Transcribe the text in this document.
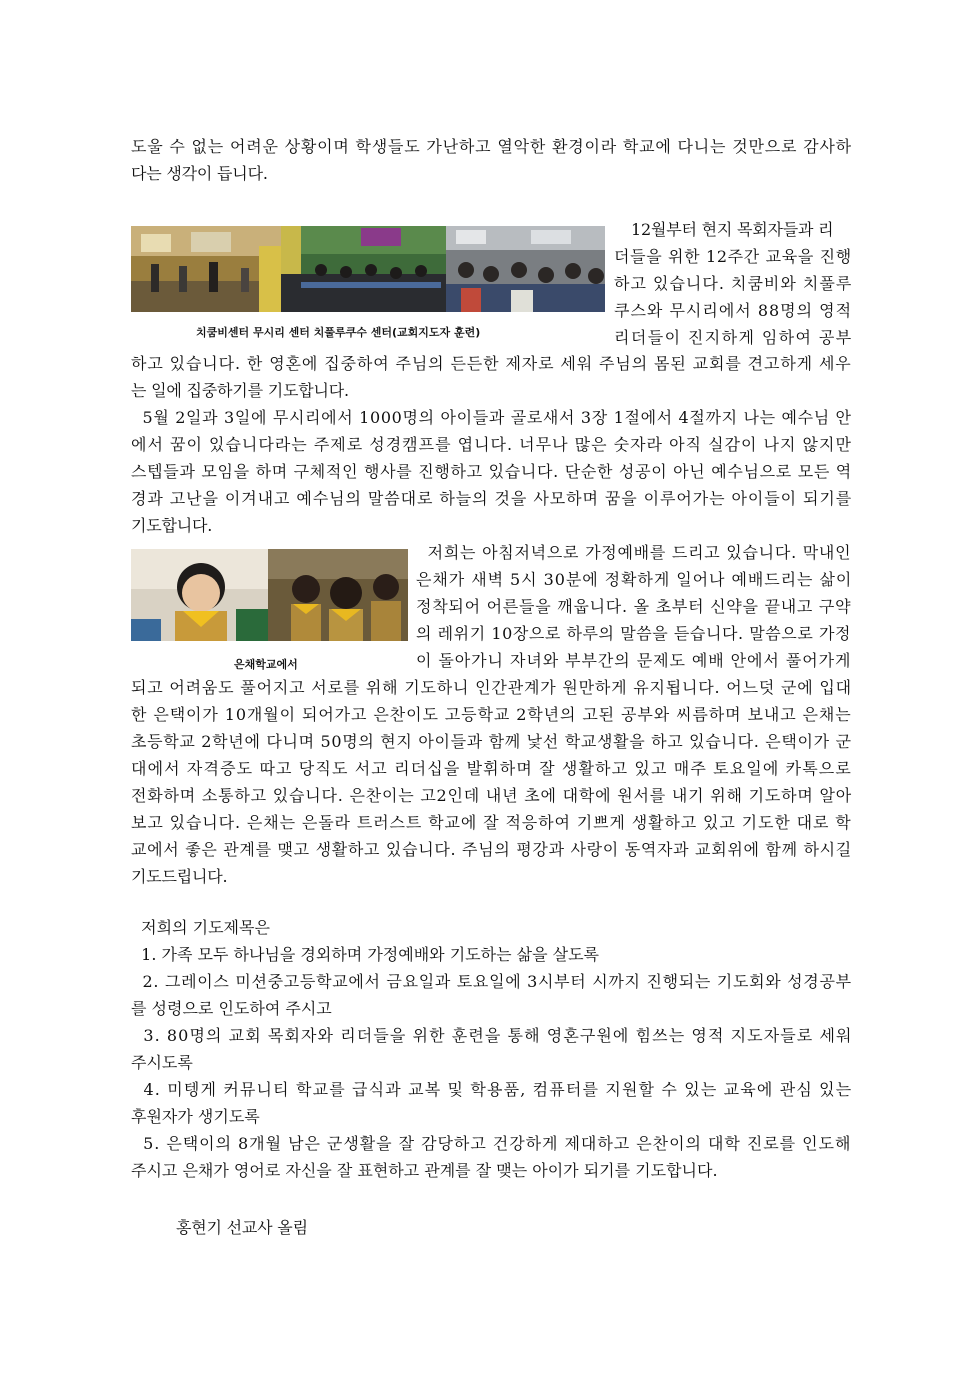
도울 수 없는 어려운 상황이며 학생들도 가난하고 열악한 환경이라 학교에 다니는 것만으로 감사하
다는 생각이 듭니다.
치쿰비센터 무시리 센터 치풀루쿠수 센터(교회지도자 훈련)
12월부터 현지 목회자들과 리
더들을 위한 12주간 교육을 진행
하고 있습니다. 치쿰비와 치풀루
쿠스와 무시리에서 88명의 영적
리더들이 진지하게 임하여 공부
하고 있습니다. 한 영혼에 집중하여 주님의 든든한 제자로 세워 주님의 몸된 교회를 견고하게 세우
는 일에 집중하기를 기도합니다.
5월 2일과 3일에 무시리에서 1000명의 아이들과 골로새서 3장 1절에서 4절까지 나는 예수님 안
에서 꿈이 있습니다라는 주제로 성경캠프를 엽니다. 너무나 많은 숫자라 아직 실감이 나지 않지만
스텝들과 모임을 하며 구체적인 행사를 진행하고 있습니다. 단순한 성공이 아닌 예수님으로 모든 역
경과 고난을 이겨내고 예수님의 말씀대로 하늘의 것을 사모하며 꿈을 이루어가는 아이들이 되기를
기도합니다.
은채학교에서
저희는 아침저녁으로 가정예배를 드리고 있습니다. 막내인
은채가 새벽 5시 30분에 정확하게 일어나 예배드리는 삶이
정착되어 어른들을 깨웁니다. 올 초부터 신약을 끝내고 구약
의 레위기 10장으로 하루의 말씀을 듣습니다. 말씀으로 가정
이 돌아가니 자녀와 부부간의 문제도 예배 안에서 풀어가게
되고 어려움도 풀어지고 서로를 위해 기도하니 인간관계가 원만하게 유지됩니다. 어느덧 군에 입대
한 은택이가 10개월이 되어가고 은찬이도 고등학교 2학년의 고된 공부와 씨름하며 보내고 은채는
초등학교 2학년에 다니며 50명의 현지 아이들과 함께 낯선 학교생활을 하고 있습니다. 은택이가 군
대에서 자격증도 따고 당직도 서고 리더십을 발휘하며 잘 생활하고 있고 매주 토요일에 카톡으로
전화하며 소통하고 있습니다. 은찬이는 고2인데 내년 초에 대학에 원서를 내기 위해 기도하며 알아
보고 있습니다. 은채는 은돌라 트러스트 학교에 잘 적응하여 기쁘게 생활하고 있고 기도한 대로 학
교에서 좋은 관계를 맺고 생활하고 있습니다. 주님의 평강과 사랑이 동역자과 교회위에 함께 하시길
기도드립니다.
저희의 기도제목은
1. 가족 모두 하나님을 경외하며 가정예배와 기도하는 삶을 살도록
2. 그레이스 미션중고등학교에서 금요일과 토요일에 3시부터 시까지 진행되는 기도회와 성경공부
를 성령으로 인도하여 주시고
3. 80명의 교회 목회자와 리더들을 위한 훈련을 통해 영혼구원에 힘쓰는 영적 지도자들로 세워
주시도록
4. 미텡게 커뮤니티 학교를 급식과 교복 및 학용품, 컴퓨터를 지원할 수 있는 교육에 관심 있는
후원자가 생기도록
5. 은택이의 8개월 남은 군생활을 잘 감당하고 건강하게 제대하고 은찬이의 대학 진로를 인도해
주시고 은채가 영어로 자신을 잘 표현하고 관계를 잘 맺는 아이가 되기를 기도합니다.
홍현기 선교사 올림
